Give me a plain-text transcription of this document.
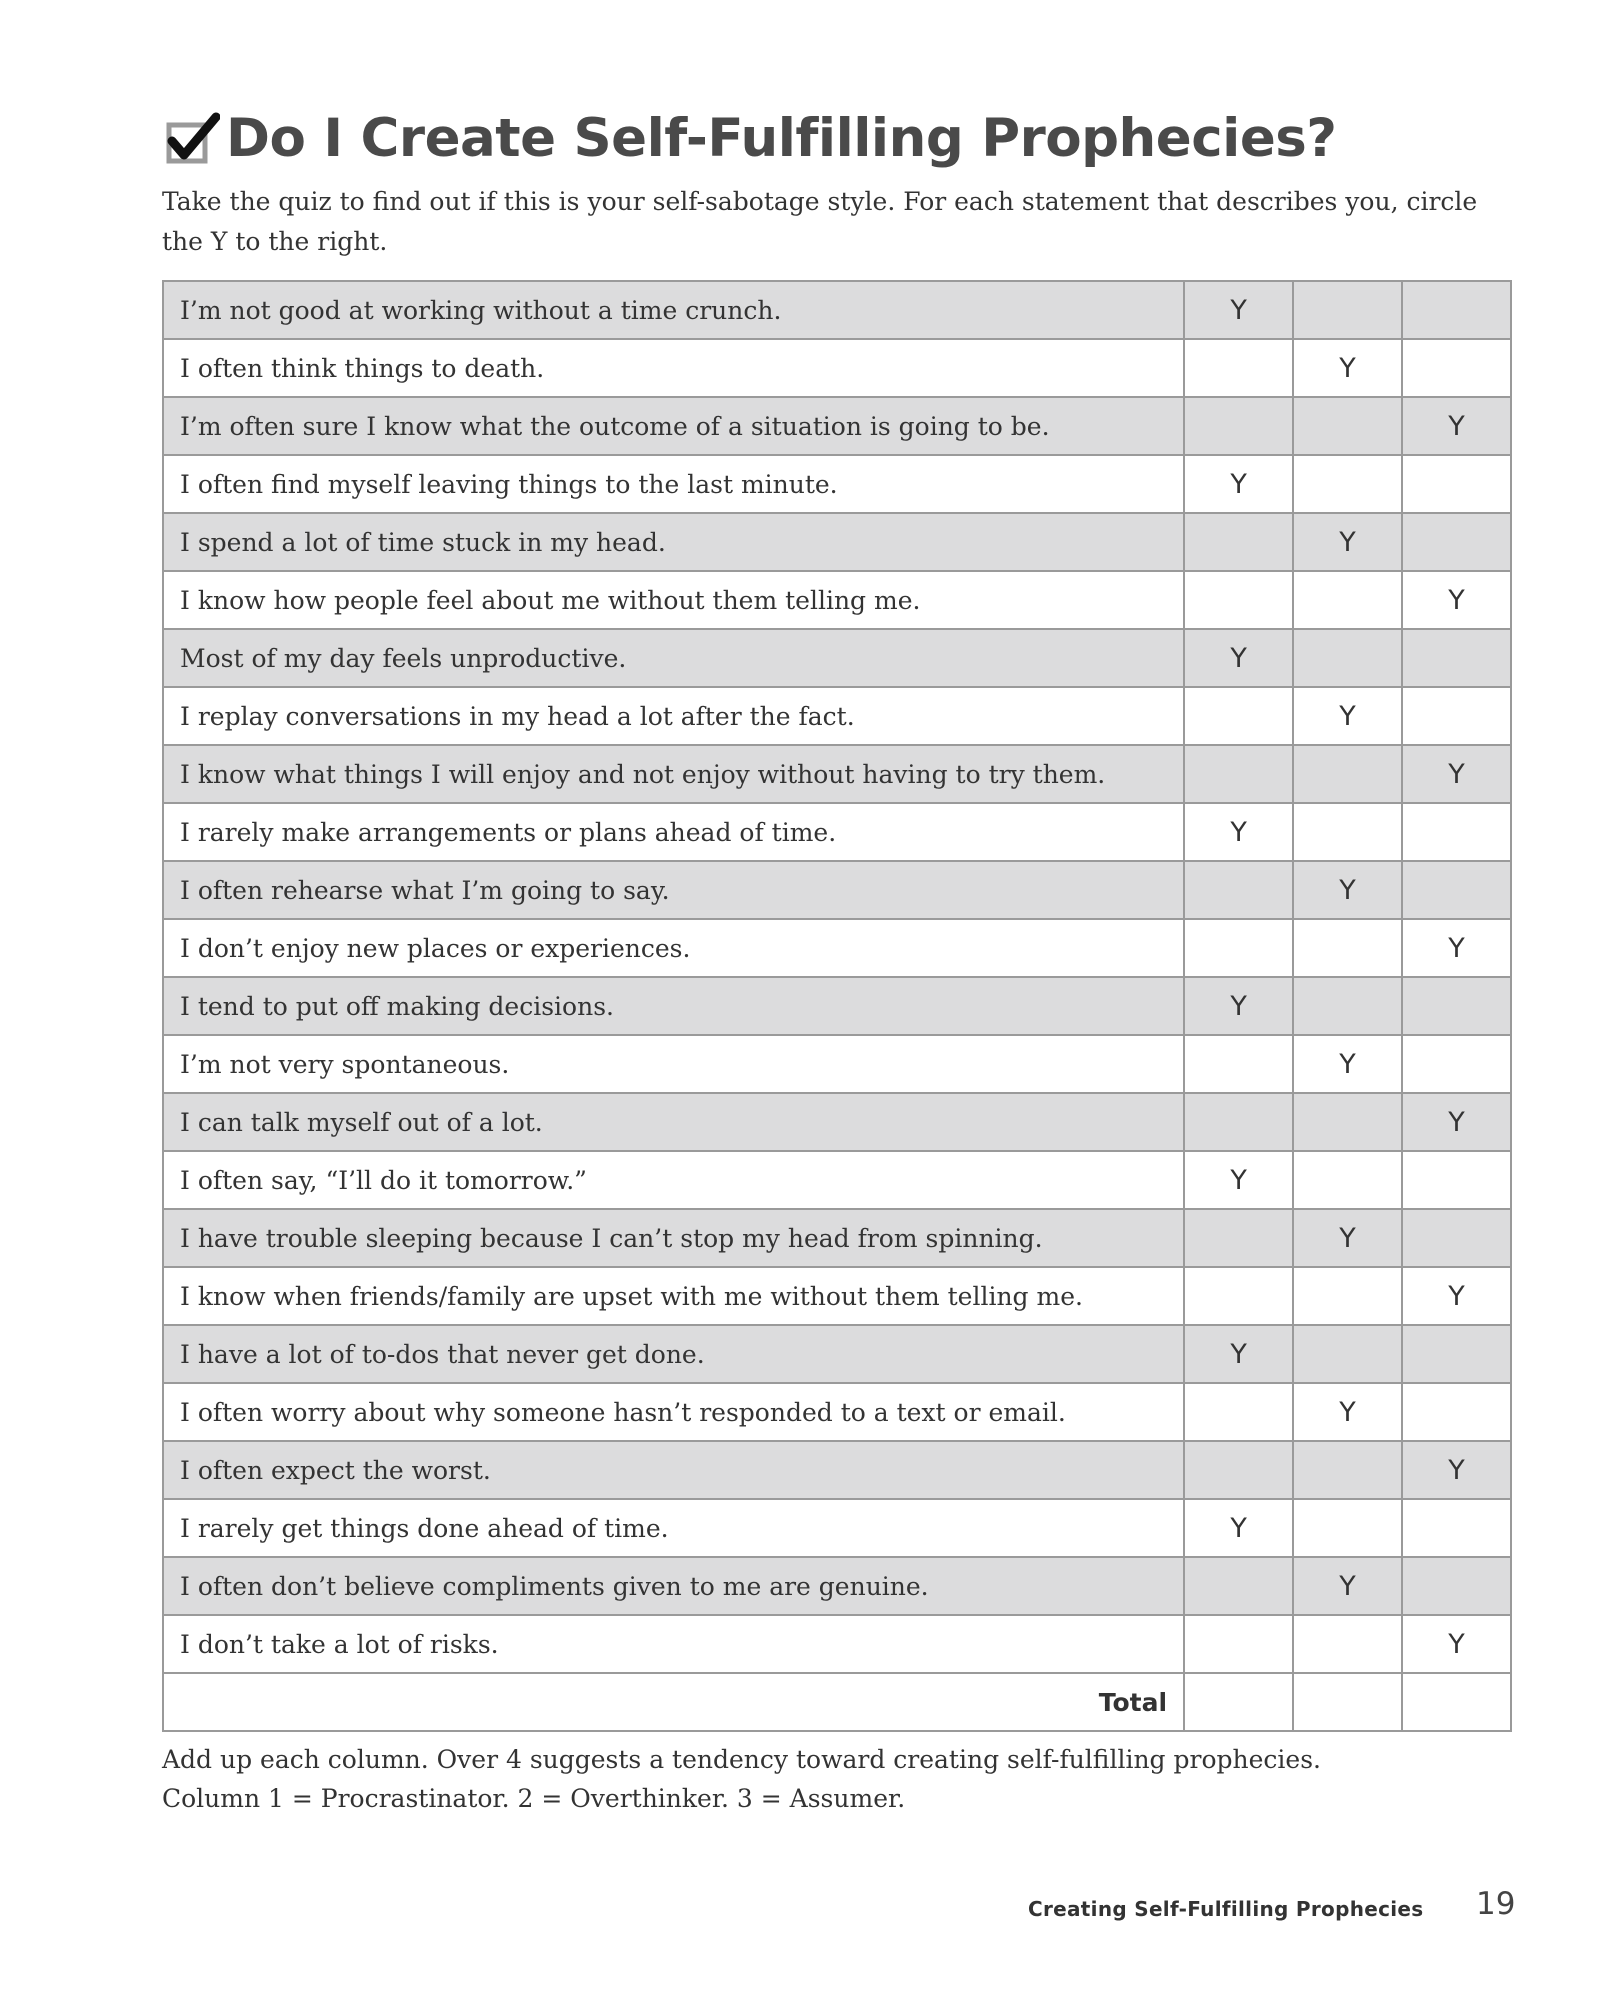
Do I Create Self-Fulfilling Prophecies?
Take the quiz to find out if this is your self-sabotage style. For each statement that describes you, circle the Y to the right.
I’m not good at working without a time crunch.	Y		
I often think things to death.		Y	
I’m often sure I know what the outcome of a situation is going to be.			Y
I often find myself leaving things to the last minute.	Y		
I spend a lot of time stuck in my head.		Y	
I know how people feel about me without them telling me.			Y
Most of my day feels unproductive.	Y		
I replay conversations in my head a lot after the fact.		Y	
I know what things I will enjoy and not enjoy without having to try them.			Y
I rarely make arrangements or plans ahead of time.	Y		
I often rehearse what I’m going to say.		Y	
I don’t enjoy new places or experiences.			Y
I tend to put off making decisions.	Y		
I’m not very spontaneous.		Y	
I can talk myself out of a lot.			Y
I often say, “I’ll do it tomorrow.”	Y		
I have trouble sleeping because I can’t stop my head from spinning.		Y	
I know when friends/family are upset with me without them telling me.			Y
I have a lot of to-dos that never get done.	Y		
I often worry about why someone hasn’t responded to a text or email.		Y	
I often expect the worst.			Y
I rarely get things done ahead of time.	Y		
I often don’t believe compliments given to me are genuine.		Y	
I don’t take a lot of risks.			Y
Total			
Add up each column. Over 4 suggests a tendency toward creating self-fulfilling prophecies.
Column 1 = Procrastinator. 2 = Overthinker. 3 = Assumer.
Creating Self-Fulfilling Prophecies 19
